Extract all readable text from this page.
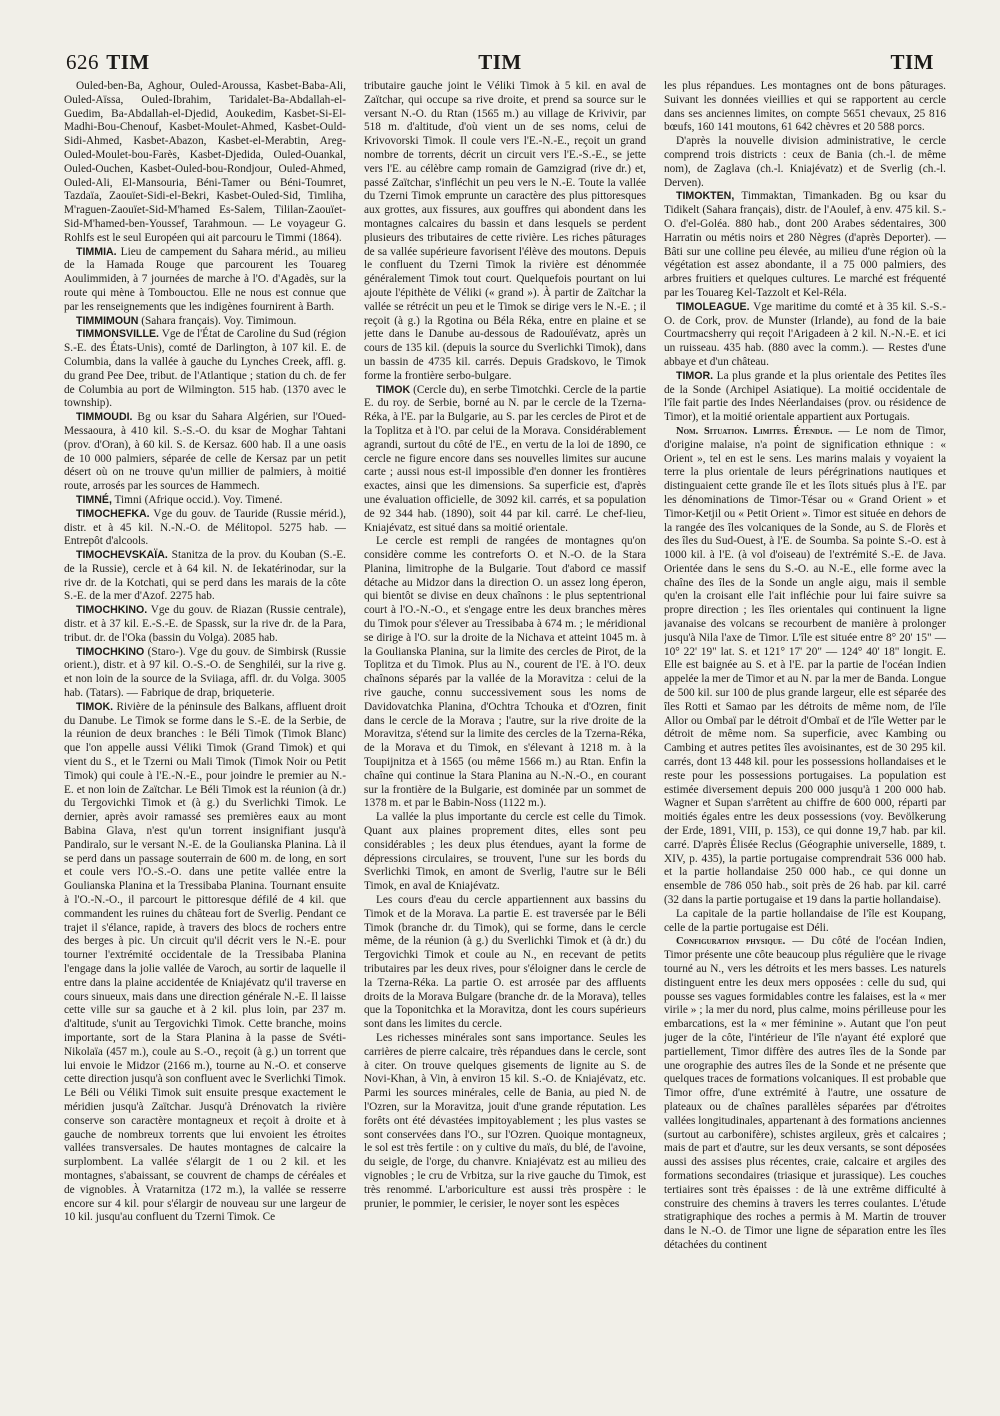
626
TIM	TIM	TIM

Ouled-ben-Ba, Aghour, Ouled-Aroussa, Kasbet-Baba-Ali, Ouled-Aïssa, Ouled-Ibrahim, Taridalet-Ba-Abdallah-el-Guedim, Ba-Abdallah-el-Djedid, Aoukedim, Kasbet-Si-El-Madhi-Bou-Chenouf, Kasbet-Moulet-Ahmed, Kasbet-Ould-Sidi-Ahmed, Kasbet-Abazon, Kasbet-el-Merabtin, Areg-Ouled-Moulet-bou-Farès, Kasbet-Djedida, Ouled-Ouankal, Ouled-Ouchen, Kasbet-Ouled-bou-Rondjour, Ouled-Ahmed, Ouled-Ali, El-Mansouria, Béni-Tamer ou Béni-Toumret, Tazdaïa, Zaouïet-Sidi-el-Bekri, Kasbet-Ouled-Sid, Timliha, M'raguen-Zaouïet-Sid-M'hamed Es-Salem, Tililan-Zaouïet-Sid-M'hamed-ben-Youssef, Tarahmoun. — Le voyageur G. Rohlfs est le seul Européen qui ait parcouru le Timmi (1864).

TIMMIA. Lieu de campement du Sahara mérid., au milieu de la Hamada Rouge que parcourent les Touareg Aoulimmiden, à 7 journées de marche à l'O. d'Agadès, sur la route qui mène à Tombouctou. Elle ne nous est connue que par les renseignements que les indigènes fournirent à Barth.

TIMMIMOUN (Sahara français). Voy. Timimoun.

TIMMONSVILLE. Vge de l'État de Caroline du Sud (région S.-E. des États-Unis), comté de Darlington, à 107 kil. E. de Columbia, dans la vallée à gauche du Lynches Creek, affl. g. du grand Pee Dee, tribut. de l'Atlantique ; station du ch. de fer de Columbia au port de Wilmington. 515 hab. (1370 avec le township).

TIMMOUDI. Bg ou ksar du Sahara Algérien, sur l'Oued-Messaoura, à 410 kil. S.-S.-O. du ksar de Moghar Tahtani (prov. d'Oran), à 60 kil. S. de Kersaz. 600 hab. Il a une oasis de 10 000 palmiers, séparée de celle de Kersaz par un petit désert où on ne trouve qu'un millier de palmiers, à moitié route, arrosés par les sources de Hammech.

TIMNÉ, Timni (Afrique occid.). Voy. Timené.

TIMOCHEFKA. Vge du gouv. de Tauride (Russie mérid.), distr. et à 45 kil. N.-N.-O. de Mélitopol. 5275 hab. — Entrepôt d'alcools.

TIMOCHEVSKAÏA. Stanitza de la prov. du Kouban (S.-E. de la Russie), cercle et à 64 kil. N. de Iekatérinodar, sur la rive dr. de la Kotchati, qui se perd dans les marais de la côte S.-E. de la mer d'Azof. 2275 hab.

TIMOCHKINO. Vge du gouv. de Riazan (Russie centrale), distr. et à 37 kil. E.-S.-E. de Spassk, sur la rive dr. de la Para, tribut. dr. de l'Oka (bassin du Volga). 2085 hab.

TIMOCHKINO (Staro-). Vge du gouv. de Simbirsk (Russie orient.), distr. et à 97 kil. O.-S.-O. de Senghiléi, sur la rive g. et non loin de la source de la Sviiaga, affl. dr. du Volga. 3005 hab. (Tatars). — Fabrique de drap, briqueterie.

TIMOK. Rivière de la péninsule des Balkans, affluent droit du Danube. Le Timok se forme dans le S.-E. de la Serbie, de la réunion de deux branches : le Béli Timok (Timok Blanc) que l'on appelle aussi Véliki Timok (Grand Timok) et qui vient du S., et le Tzerni ou Mali Timok (Timok Noir ou Petit Timok) qui coule à l'E.-N.-E., pour joindre le premier au N.-E. et non loin de Zaïtchar. Le Béli Timok est la réunion (à dr.) du Tergovichki Timok et (à g.) du Sverlichki Timok. Le dernier, après avoir ramassé ses premières eaux au mont Babina Glava, n'est qu'un torrent insignifiant jusqu'à Pandiralo, sur le versant N.-E. de la Goulianska Planina. Là il se perd dans un passage souterrain de 600 m. de long, en sort et coule vers l'O.-S.-O. dans une petite vallée entre la Goulianska Planina et la Tressibaba Planina. Tournant ensuite à l'O.-N.-O., il parcourt le pittoresque défilé de 4 kil. que commandent les ruines du château fort de Sverlig. Pendant ce trajet il s'élance, rapide, à travers des blocs de rochers entre des berges à pic. Un circuit qu'il décrit vers le N.-E. pour tourner l'extrémité occidentale de la Tressibaba Planina l'engage dans la jolie vallée de Varoch, au sortir de laquelle il entre dans la plaine accidentée de Kniajévatz qu'il traverse en cours sinueux, mais dans une direction générale N.-E. Il laisse cette ville sur sa gauche et à 2 kil. plus loin, par 237 m. d'altitude, s'unit au Tergovichki Timok. Cette branche, moins importante, sort de la Stara Planina à la passe de Svéti-Nikolaïa (457 m.), coule au S.-O., reçoit (à g.) un torrent que lui envoie le Midzor (2166 m.), tourne au N.-O. et conserve cette direction jusqu'à son confluent avec le Sverlichki Timok. Le Béli ou Véliki Timok suit ensuite presque exactement le méridien jusqu'à Zaïtchar. Jusqu'à Drénovatch la rivière conserve son caractère montagneux et reçoit à droite et à gauche de nombreux torrents que lui envoient les étroites vallées transversales. De hautes montagnes de calcaire la surplombent. La vallée s'élargit de 1 ou 2 kil. et les montagnes, s'abaissant, se couvrent de champs de céréales et de vignobles. À Vratarnitza (172 m.), la vallée se resserre encore sur 4 kil. pour s'élargir de nouveau sur une largeur de 10 kil. jusqu'au confluent du Tzerni Timok. Ce

tributaire gauche joint le Véliki Timok à 5 kil. en aval de Zaïtchar, qui occupe sa rive droite, et prend sa source sur le versant N.-O. du Rtan (1565 m.) au village de Krivivir, par 518 m. d'altitude, d'où vient un de ses noms, celui de Krivovorski Timok. Il coule vers l'E.-N.-E., reçoit un grand nombre de torrents, décrit un circuit vers l'E.-S.-E., se jette vers l'E. au célèbre camp romain de Gamzigrad (rive dr.) et, passé Zaïtchar, s'infléchit un peu vers le N.-E. Toute la vallée du Tzerni Timok emprunte un caractère des plus pittoresques aux grottes, aux fissures, aux gouffres qui abondent dans les montagnes calcaires du bassin et dans lesquels se perdent plusieurs des tributaires de cette rivière. Les riches pâturages de sa vallée supérieure favorisent l'élève des moutons. Depuis le confluent du Tzerni Timok la rivière est dénommée généralement Timok tout court. Quelquefois pourtant on lui ajoute l'épithète de Véliki (« grand »). À partir de Zaïtchar la vallée se rétrécit un peu et le Timok se dirige vers le N.-E. ; il reçoit (à g.) la Rgotina ou Béla Réka, entre en plaine et se jette dans le Danube au-dessous de Radouïévatz, après un cours de 135 kil. (depuis la source du Sverlichki Timok), dans un bassin de 4735 kil. carrés. Depuis Gradskovo, le Timok forme la frontière serbo-bulgare.

TIMOK (Cercle du), en serbe Timotchki. Cercle de la partie E. du roy. de Serbie, borné au N. par le cercle de la Tzerna-Réka, à l'E. par la Bulgarie, au S. par les cercles de Pirot et de la Toplitza et à l'O. par celui de la Morava. Considérablement agrandi, surtout du côté de l'E., en vertu de la loi de 1890, ce cercle ne figure encore dans ses nouvelles limites sur aucune carte ; aussi nous est-il impossible d'en donner les frontières exactes, ainsi que les dimensions. Sa superficie est, d'après une évaluation officielle, de 3092 kil. carrés, et sa population de 92 344 hab. (1890), soit 44 par kil. carré. Le chef-lieu, Kniajévatz, est situé dans sa moitié orientale.

Le cercle est rempli de rangées de montagnes qu'on considère comme les contreforts O. et N.-O. de la Stara Planina, limitrophe de la Bulgarie. Tout d'abord ce massif détache au Midzor dans la direction O. un assez long éperon, qui bientôt se divise en deux chaînons : le plus septentrional court à l'O.-N.-O., et s'engage entre les deux branches mères du Timok pour s'élever au Tressibaba à 674 m. ; le méridional se dirige à l'O. sur la droite de la Nichava et atteint 1045 m. à la Goulianska Planina, sur la limite des cercles de Pirot, de la Toplitza et du Timok. Plus au N., courent de l'E. à l'O. deux chaînons séparés par la vallée de la Moravitza : celui de la rive gauche, connu successivement sous les noms de Davidovatchka Planina, d'Ochtra Tchouka et d'Ozren, finit dans le cercle de la Morava ; l'autre, sur la rive droite de la Moravitza, s'étend sur la limite des cercles de la Tzerna-Réka, de la Morava et du Timok, en s'élevant à 1218 m. à la Toupijnitza et à 1565 (ou même 1566 m.) au Rtan. Enfin la chaîne qui continue la Stara Planina au N.-N.-O., en courant sur la frontière de la Bulgarie, est dominée par un sommet de 1378 m. et par le Babin-Noss (1122 m.).

La vallée la plus importante du cercle est celle du Timok. Quant aux plaines proprement dites, elles sont peu considérables ; les deux plus étendues, ayant la forme de dépressions circulaires, se trouvent, l'une sur les bords du Sverlichki Timok, en amont de Sverlig, l'autre sur le Béli Timok, en aval de Kniajévatz.

Les cours d'eau du cercle appartiennent aux bassins du Timok et de la Morava. La partie E. est traversée par le Béli Timok (branche dr. du Timok), qui se forme, dans le cercle même, de la réunion (à g.) du Sverlichki Timok et (à dr.) du Tergovichki Timok et coule au N., en recevant de petits tributaires par les deux rives, pour s'éloigner dans le cercle de la Tzerna-Réka. La partie O. est arrosée par des affluents droits de la Morava Bulgare (branche dr. de la Morava), telles que la Toponitchka et la Moravitza, dont les cours supérieurs sont dans les limites du cercle.

Les richesses minérales sont sans importance. Seules les carrières de pierre calcaire, très répandues dans le cercle, sont à citer. On trouve quelques gisements de lignite au S. de Novi-Khan, à Vin, à environ 15 kil. S.-O. de Kniajévatz, etc. Parmi les sources minérales, celle de Bania, au pied N. de l'Ozren, sur la Moravitza, jouit d'une grande réputation. Les forêts ont été dévastées impitoyablement ; les plus vastes se sont conservées dans l'O., sur l'Ozren. Quoique montagneux, le sol est très fertile : on y cultive du maïs, du blé, de l'avoine, du seigle, de l'orge, du chanvre. Kniajévatz est au milieu des vignobles ; le cru de Vrbitza, sur la rive gauche du Timok, est très renommé. L'arboriculture est aussi très prospère : le prunier, le pommier, le cerisier, le noyer sont les espèces

les plus répandues. Les montagnes ont de bons pâturages. Suivant les données vieillies et qui se rapportent au cercle dans ses anciennes limites, on compte 5651 chevaux, 25 816 bœufs, 160 141 moutons, 61 642 chèvres et 20 588 porcs.

D'après la nouvelle division administrative, le cercle comprend trois districts : ceux de Bania (ch.-l. de même nom), de Zaglava (ch.-l. Kniajévatz) et de Sverlig (ch.-l. Derven).

TIMOKTEN, Timmaktan, Timankaden. Bg ou ksar du Tidikelt (Sahara français), distr. de l'Aoulef, à env. 475 kil. S.-O. d'el-Goléa. 880 hab., dont 200 Arabes sédentaires, 300 Harratin ou métis noirs et 280 Nègres (d'après Deporter). — Bâti sur une colline peu élevée, au milieu d'une région où la végétation est assez abondante, il a 75 000 palmiers, des arbres fruitiers et quelques cultures. Le marché est fréquenté par les Touareg Kel-Tazzolt et Kel-Réla.

TIMOLEAGUE. Vge maritime du comté et à 35 kil. S.-S.-O. de Cork, prov. de Munster (Irlande), au fond de la baie Courtmacsherry qui reçoit l'Arigadeen à 2 kil. N.-N.-E. et ici un ruisseau. 435 hab. (880 avec la comm.). — Restes d'une abbaye et d'un château.

TIMOR. La plus grande et la plus orientale des Petites îles de la Sonde (Archipel Asiatique). La moitié occidentale de l'île fait partie des Indes Néerlandaises (prov. ou résidence de Timor), et la moitié orientale appartient aux Portugais.

Nom. Situation. Limites. Étendue. — Le nom de Timor, d'origine malaise, n'a point de signification ethnique : « Orient », tel en est le sens. Les marins malais y voyaient la terre la plus orientale de leurs pérégrinations nautiques et distinguaient cette grande île et les îlots situés plus à l'E. par les dénominations de Timor-Tésar ou « Grand Orient » et Timor-Ketjil ou « Petit Orient ». Timor est située en dehors de la rangée des îles volcaniques de la Sonde, au S. de Florès et des îles du Sud-Ouest, à l'E. de Soumba. Sa pointe S.-O. est à 1000 kil. à l'E. (à vol d'oiseau) de l'extrémité S.-E. de Java. Orientée dans le sens du S.-O. au N.-E., elle forme avec la chaîne des îles de la Sonde un angle aigu, mais il semble qu'en la croisant elle l'ait infléchie pour lui faire suivre sa propre direction ; les îles orientales qui continuent la ligne javanaise des volcans se recourbent de manière à prolonger jusqu'à Nila l'axe de Timor. L'île est située entre 8° 20' 15" — 10° 22' 19" lat. S. et 121° 17' 20" — 124° 40' 18" longit. E. Elle est baignée au S. et à l'E. par la partie de l'océan Indien appelée la mer de Timor et au N. par la mer de Banda. Longue de 500 kil. sur 100 de plus grande largeur, elle est séparée des îles Rotti et Samao par les détroits de même nom, de l'île Allor ou Ombaï par le détroit d'Ombaï et de l'île Wetter par le détroit de même nom. Sa superficie, avec Kambing ou Cambing et autres petites îles avoisinantes, est de 30 295 kil. carrés, dont 13 448 kil. pour les possessions hollandaises et le reste pour les possessions portugaises. La population est estimée diversement depuis 200 000 jusqu'à 1 200 000 hab. Wagner et Supan s'arrêtent au chiffre de 600 000, réparti par moitiés égales entre les deux possessions (voy. Bevölkerung der Erde, 1891, VIII, p. 153), ce qui donne 19,7 hab. par kil. carré. D'après Élisée Reclus (Géographie universelle, 1889, t. XIV, p. 435), la partie portugaise comprendrait 536 000 hab. et la partie hollandaise 250 000 hab., ce qui donne un ensemble de 786 050 hab., soit près de 26 hab. par kil. carré (32 dans la partie portugaise et 19 dans la partie hollandaise).

La capitale de la partie hollandaise de l'île est Koupang, celle de la partie portugaise est Déli.

Configuration physique. — Du côté de l'océan Indien, Timor présente une côte beaucoup plus régulière que le rivage tourné au N., vers les détroits et les mers basses. Les naturels distinguent entre les deux mers opposées : celle du sud, qui pousse ses vagues formidables contre les falaises, est la « mer virile » ; la mer du nord, plus calme, moins périlleuse pour les embarcations, est la « mer féminine ». Autant que l'on peut juger de la côte, l'intérieur de l'île n'ayant été exploré que partiellement, Timor diffère des autres îles de la Sonde par une orographie des autres îles de la Sonde et ne présente que quelques traces de formations volcaniques. Il est probable que Timor offre, d'une extrémité à l'autre, une ossature de plateaux ou de chaînes parallèles séparées par d'étroites vallées longitudinales, appartenant à des formations anciennes (surtout au carbonifère), schistes argileux, grès et calcaires ; mais de part et d'autre, sur les deux versants, se sont déposées aussi des assises plus récentes, craie, calcaire et argiles des formations secondaires (triasique et jurassique). Les couches tertiaires sont très épaisses : de là une extrême difficulté à construire des chemins à travers les terres coulantes. L'étude stratigraphique des roches a permis à M. Martin de trouver dans le N.-O. de Timor une ligne de séparation entre les îles détachées du continent
